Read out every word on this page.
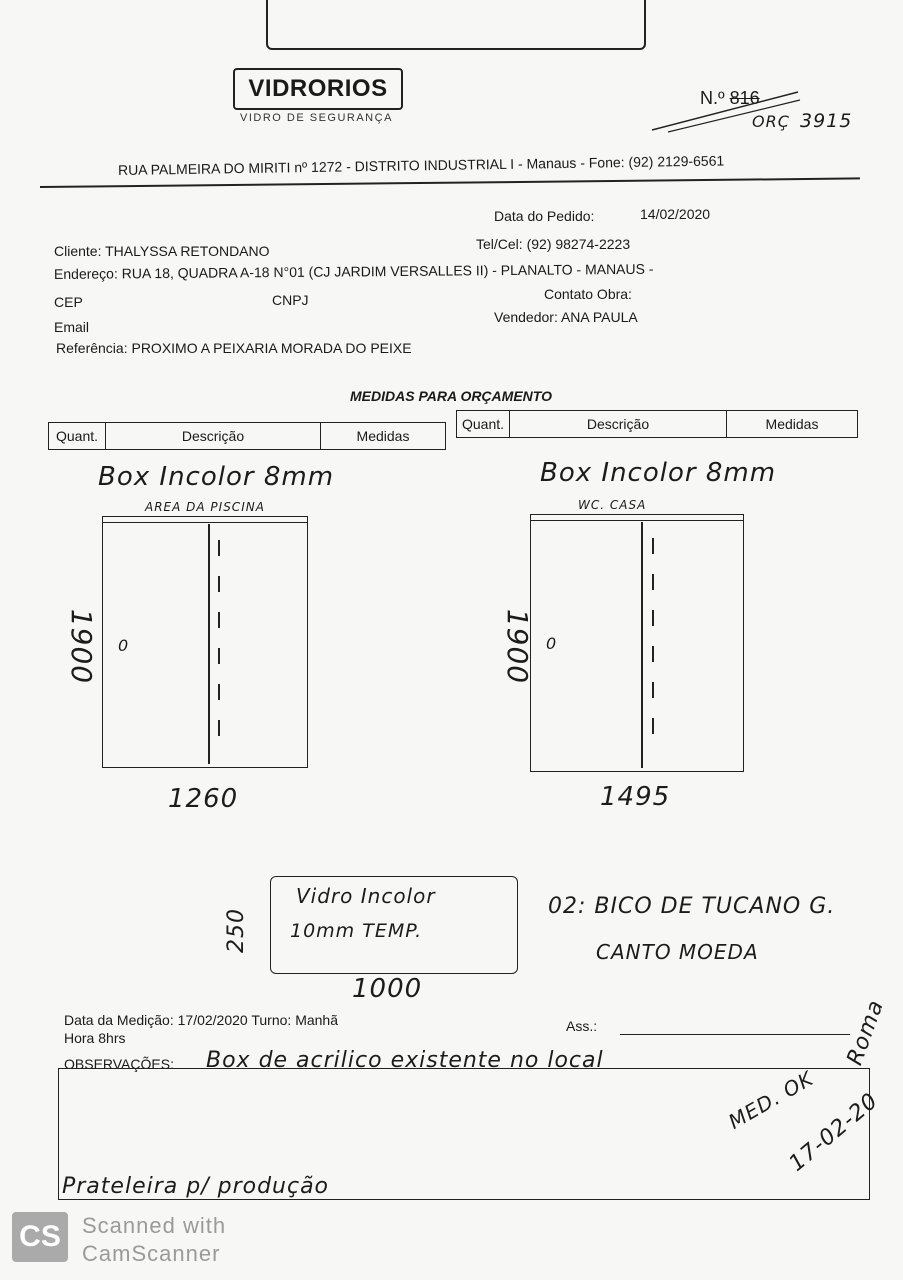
VIDRORIOS
VIDRO DE SEGURANÇA
N.º 816
ORÇ 3915
RUA PALMEIRA DO MIRITI nº 1272 - DISTRITO INDUSTRIAL I - Manaus - Fone: (92) 2129-6561
Data do Pedido:	14/02/2020
Cliente: THALYSSA RETONDANO	Tel/Cel: (92) 98274-2223
Endereço: RUA 18, QUADRA A-18 N°01 (CJ JARDIM VERSALLES II) - PLANALTO - MANAUS -
CEP	CNPJ	Contato Obra:
Email
Vendedor: ANA PAULA
Referência: PROXIMO A PEIXARIA MORADA DO PEIXE
MEDIDAS PARA ORÇAMENTO
Quant.	Descrição	Medidas
Quant.	Descrição	Medidas
Box Incolor 8mm
AREA DA PISCINA
0
1900
1260
Box Incolor 8mm
WC. CASA
0
1900
1495
Vidro Incolor
10mm TEMP.
250
1000
02: BICO DE TUCANO G.
CANTO MOEDA
Data da Medição: 17/02/2020 Turno: Manhã
Hora 8hrs
Ass.:	Roma
OBSERVAÇÕES: Box de acrilico existente no local
Prateleira p/ produção
MED. OK
17-02-20
CS Scanned with
CamScanner
